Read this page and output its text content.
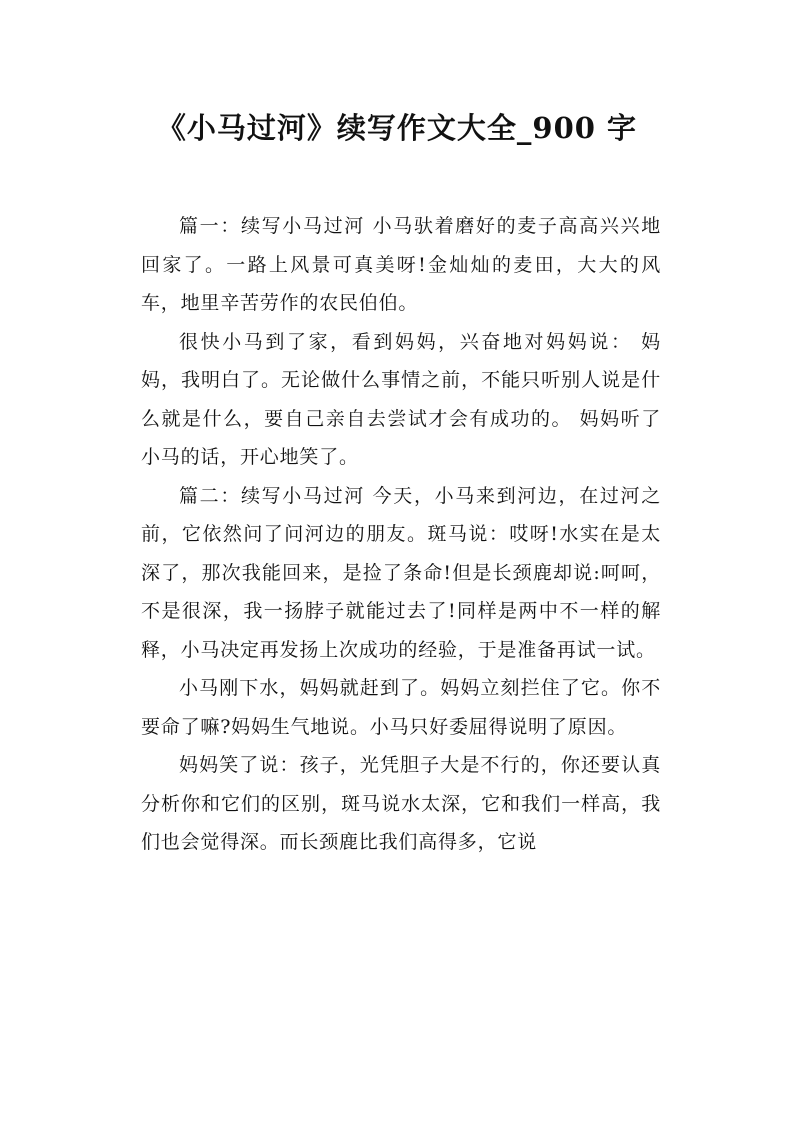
《小马过河》续写作文大全_900 字

篇一：续写小马过河 小马驮着磨好的麦子高高兴兴地回家了。一路上风景可真美呀!金灿灿的麦田，大大的风车，地里辛苦劳作的农民伯伯。

很快小马到了家，看到妈妈，兴奋地对妈妈说： 妈妈，我明白了。无论做什么事情之前，不能只听别人说是什么就是什么，要自己亲自去尝试才会有成功的。 妈妈听了小马的话，开心地笑了。

篇二：续写小马过河 今天，小马来到河边，在过河之前，它依然问了问河边的朋友。斑马说：哎呀!水实在是太深了，那次我能回来，是捡了条命!但是长颈鹿却说:呵呵，不是很深，我一扬脖子就能过去了!同样是两中不一样的解释，小马决定再发扬上次成功的经验，于是准备再试一试。

小马刚下水，妈妈就赶到了。妈妈立刻拦住了它。你不要命了嘛?妈妈生气地说。小马只好委屈得说明了原因。

妈妈笑了说：孩子，光凭胆子大是不行的，你还要认真分析你和它们的区别，斑马说水太深，它和我们一样高，我们也会觉得深。而长颈鹿比我们高得多，它说
